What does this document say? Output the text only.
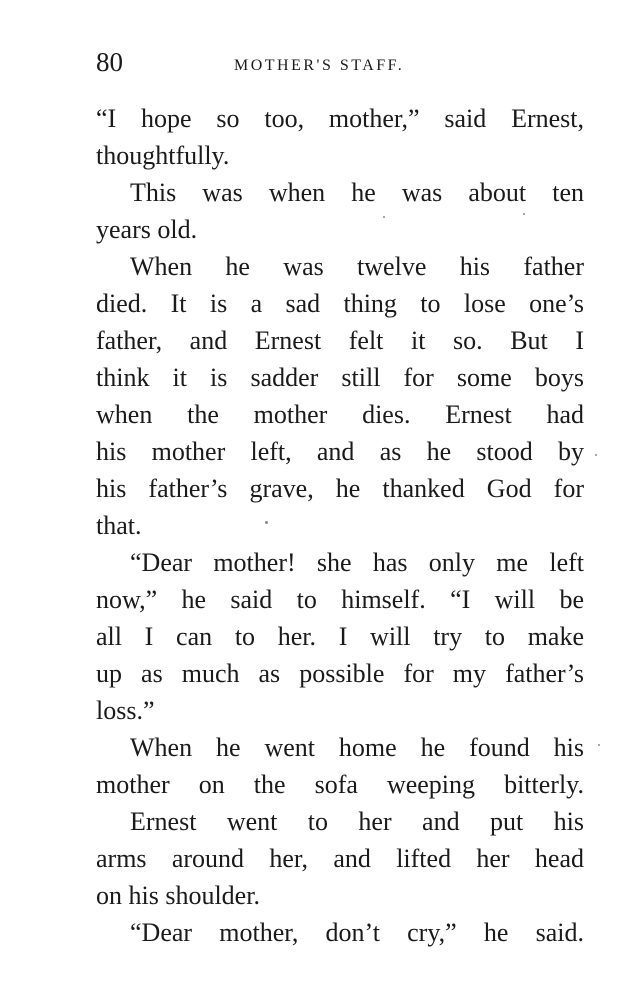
80	MOTHER'S STAFF.
“I hope so too, mother,” said Ernest,
thoughtfully.
This was when he was about ten
years old.
When he was twelve his father
died. It is a sad thing to lose one’s
father, and Ernest felt it so. But I
think it is sadder still for some boys
when the mother dies. Ernest had
his mother left, and as he stood by
his father’s grave, he thanked God for
that.
“Dear mother! she has only me left
now,” he said to himself. “I will be
all I can to her. I will try to make
up as much as possible for my father’s
loss.”
When he went home he found his
mother on the sofa weeping bitterly.
Ernest went to her and put his
arms around her, and lifted her head
on his shoulder.
“Dear mother, don’t cry,” he said.
